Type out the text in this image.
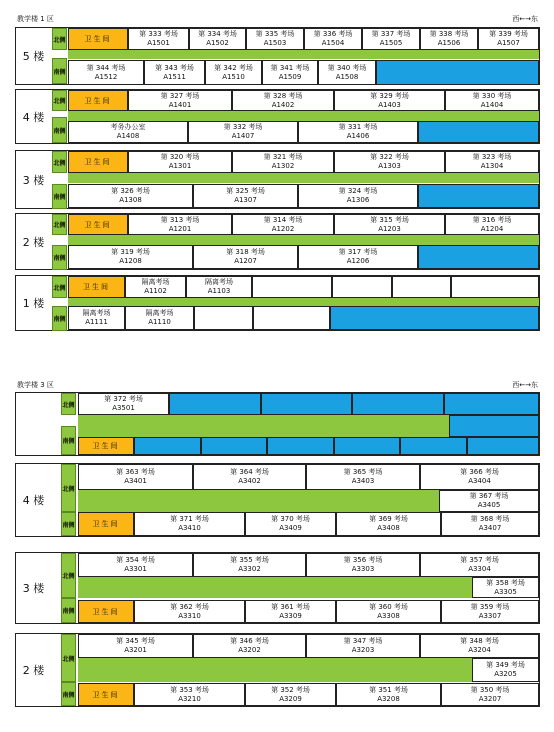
教学楼 1 区	西←→东
教学楼 3 区	西←→东
5 楼
北侧
南侧
卫生间
第 333 考场
A1501
第 334 考场
A1502
第 335 考场
A1503
第 336 考场
A1504
第 337 考场
A1505
第 338 考场
A1506
第 339 考场
A1507
第 344 考场
A1512
第 343 考场
A1511
第 342 考场
A1510
第 341 考场
A1509
第 340 考场
A1508
4 楼
北侧
南侧
卫生间
第 327 考场
A1401
第 328 考场
A1402
第 329 考场
A1403
第 330 考场
A1404
考务办公室
A1408
第 332 考场
A1407
第 331 考场
A1406
3 楼
北侧
南侧
卫生间
第 320 考场
A1301
第 321 考场
A1302
第 322 考场
A1303
第 323 考场
A1304
第 326 考场
A1308
第 325 考场
A1307
第 324 考场
A1306
2 楼
北侧
南侧
卫生间
第 313 考场
A1201
第 314 考场
A1202
第 315 考场
A1203
第 316 考场
A1204
第 319 考场
A1208
第 318 考场
A1207
第 317 考场
A1206
1 楼
北侧
南侧
卫生间
隔离考场
A1102
隔离考场
A1103
隔离考场
A1111
隔离考场
A1110
北侧
南侧
第 372 考场
A3501
卫生间
4 楼
北侧
南侧
第 363 考场
A3401
第 364 考场
A3402
第 365 考场
A3403
第 366 考场
A3404
第 367 考场
A3405
卫生间
第 371 考场
A3410
第 370 考场
A3409
第 369 考场
A3408
第 368 考场
A3407
3 楼
北侧
南侧
第 354 考场
A3301
第 355 考场
A3302
第 356 考场
A3303
第 357 考场
A3304
第 358 考场
A3305
卫生间
第 362 考场
A3310
第 361 考场
A3309
第 360 考场
A3308
第 359 考场
A3307
2 楼
北侧
南侧
第 345 考场
A3201
第 346 考场
A3202
第 347 考场
A3203
第 348 考场
A3204
第 349 考场
A3205
卫生间
第 353 考场
A3210
第 352 考场
A3209
第 351 考场
A3208
第 350 考场
A3207
